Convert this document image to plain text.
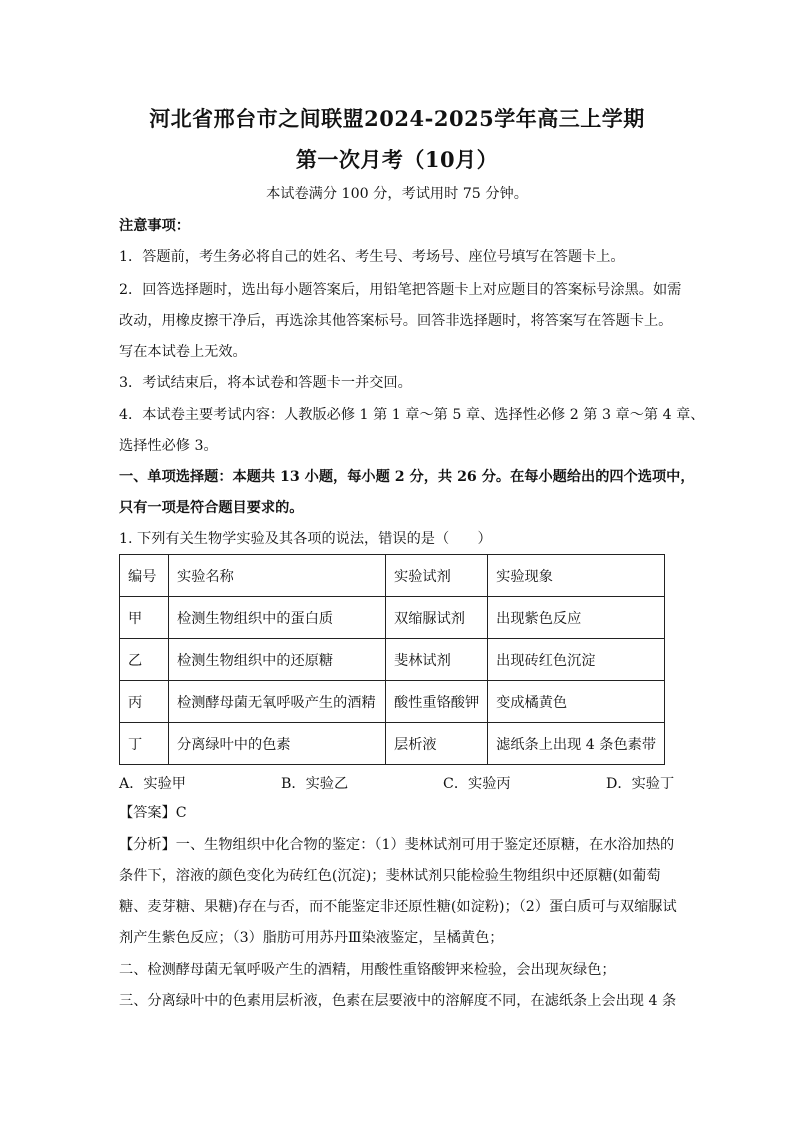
河北省邢台市之间联盟2024-2025学年高三上学期
第一次月考（10月）
本试卷满分 100 分，考试用时 75 分钟。
注意事项：
1．答题前，考生务必将自己的姓名、考生号、考场号、座位号填写在答题卡上。
2．回答选择题时，选出每小题答案后，用铅笔把答题卡上对应题目的答案标号涂黑。如需
改动，用橡皮擦干净后，再选涂其他答案标号。回答非选择题时，将答案写在答题卡上。
写在本试卷上无效。
3．考试结束后，将本试卷和答题卡一并交回。
4．本试卷主要考试内容：人教版必修 1 第 1 章～第 5 章、选择性必修 2 第 3 章～第 4 章、
选择性必修 3。
一、单项选择题：本题共 13 小题，每小题 2 分，共 26 分。在每小题给出的四个选项中，
只有一项是符合题目要求的。
1. 下列有关生物学实验及其各项的说法，错误的是（　　）
编号	实验名称	实验试剂	实验现象
甲	检测生物组织中的蛋白质	双缩脲试剂	出现紫色反应
乙	检测生物组织中的还原糖	斐林试剂	出现砖红色沉淀
丙	检测酵母菌无氧呼吸产生的酒精	酸性重铬酸钾	变成橘黄色
丁	分离绿叶中的色素	层析液	滤纸条上出现 4 条色素带
A．实验甲	B．实验乙	C．实验丙	D．实验丁
【答案】C
【分析】一、生物组织中化合物的鉴定：（1）斐林试剂可用于鉴定还原糖，在水浴加热的
条件下，溶液的颜色变化为砖红色(沉淀)；斐林试剂只能检验生物组织中还原糖(如葡萄
糖、麦芽糖、果糖)存在与否，而不能鉴定非还原性糖(如淀粉)；（2）蛋白质可与双缩脲试
剂产生紫色反应；（3）脂肪可用苏丹Ⅲ染液鉴定，呈橘黄色；
二、检测酵母菌无氧呼吸产生的酒精，用酸性重铬酸钾来检验，会出现灰绿色；
三、分离绿叶中的色素用层析液，色素在层要液中的溶解度不同，在滤纸条上会出现 4 条
